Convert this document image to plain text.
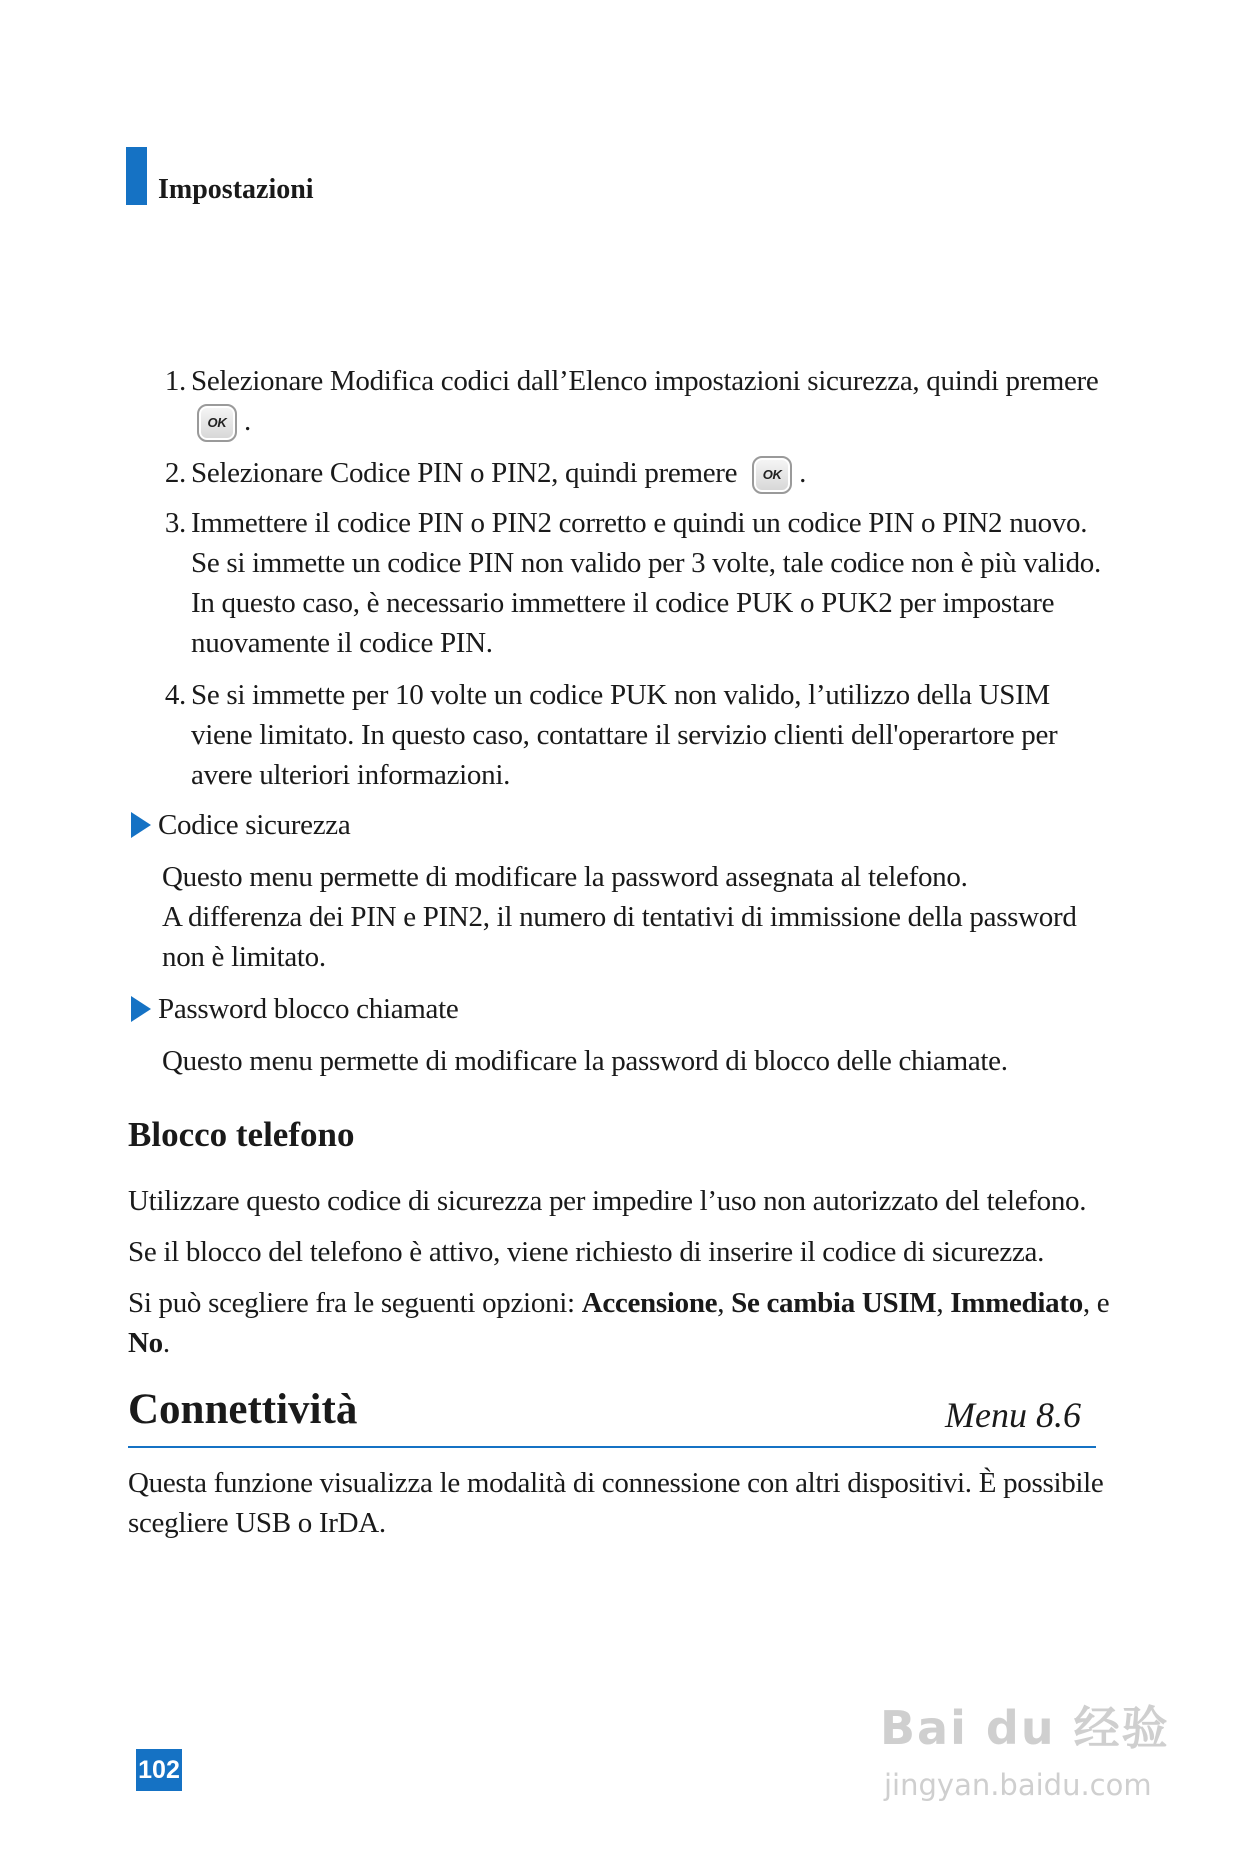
Impostazioni
1. Selezionare Modifica codici dall’Elenco impostazioni sicurezza, quindi premere
OK .
2. Selezionare Codice PIN o PIN2, quindi premere OK .
3. Immettere il codice PIN o PIN2 corretto e quindi un codice PIN o PIN2 nuovo.
Se si immette un codice PIN non valido per 3 volte, tale codice non è più valido.
In questo caso, è necessario immettere il codice PUK o PUK2 per impostare
nuovamente il codice PIN.
4. Se si immette per 10 volte un codice PUK non valido, l’utilizzo della USIM
viene limitato. In questo caso, contattare il servizio clienti dell'operartore per
avere ulteriori informazioni.
Codice sicurezza
Questo menu permette di modificare la password assegnata al telefono.
A differenza dei PIN e PIN2, il numero di tentativi di immissione della password
non è limitato.
Password blocco chiamate
Questo menu permette di modificare la password di blocco delle chiamate.
Blocco telefono
Utilizzare questo codice di sicurezza per impedire l’uso non autorizzato del telefono.
Se il blocco del telefono è attivo, viene richiesto di inserire il codice di sicurezza.
Si può scegliere fra le seguenti opzioni: Accensione, Se cambia USIM, Immediato, e
No.
Connettività	Menu 8.6
Questa funzione visualizza le modalità di connessione con altri dispositivi. È possibile
scegliere USB o IrDA.
102
Bai du 经验
jingyan.baidu.com
